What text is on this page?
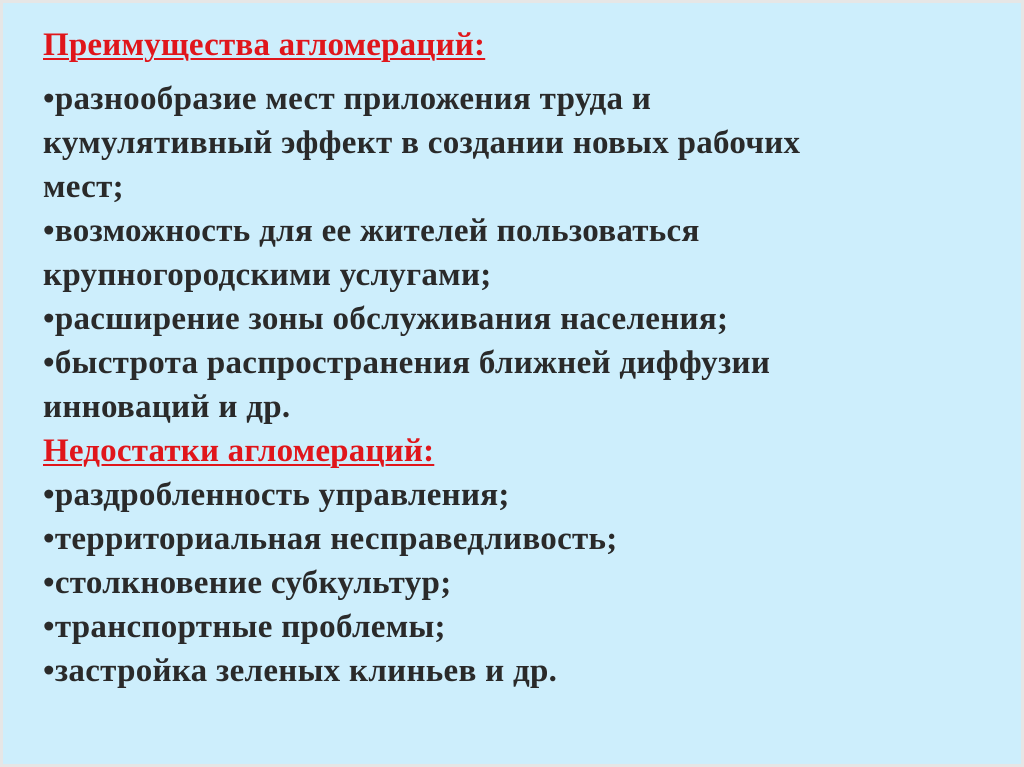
Преимущества агломераций:
•разнообразие мест приложения труда и
кумулятивный эффект в создании новых рабочих
мест;
•возможность для ее жителей пользоваться
крупногородскими услугами;
•расширение зоны обслуживания населения;
•быстрота распространения ближней диффузии
инноваций и др.
Недостатки агломераций:
•раздробленность управления;
•территориальная несправедливость;
•столкновение субкультур;
•транспортные проблемы;
•застройка зеленых клиньев и др.
